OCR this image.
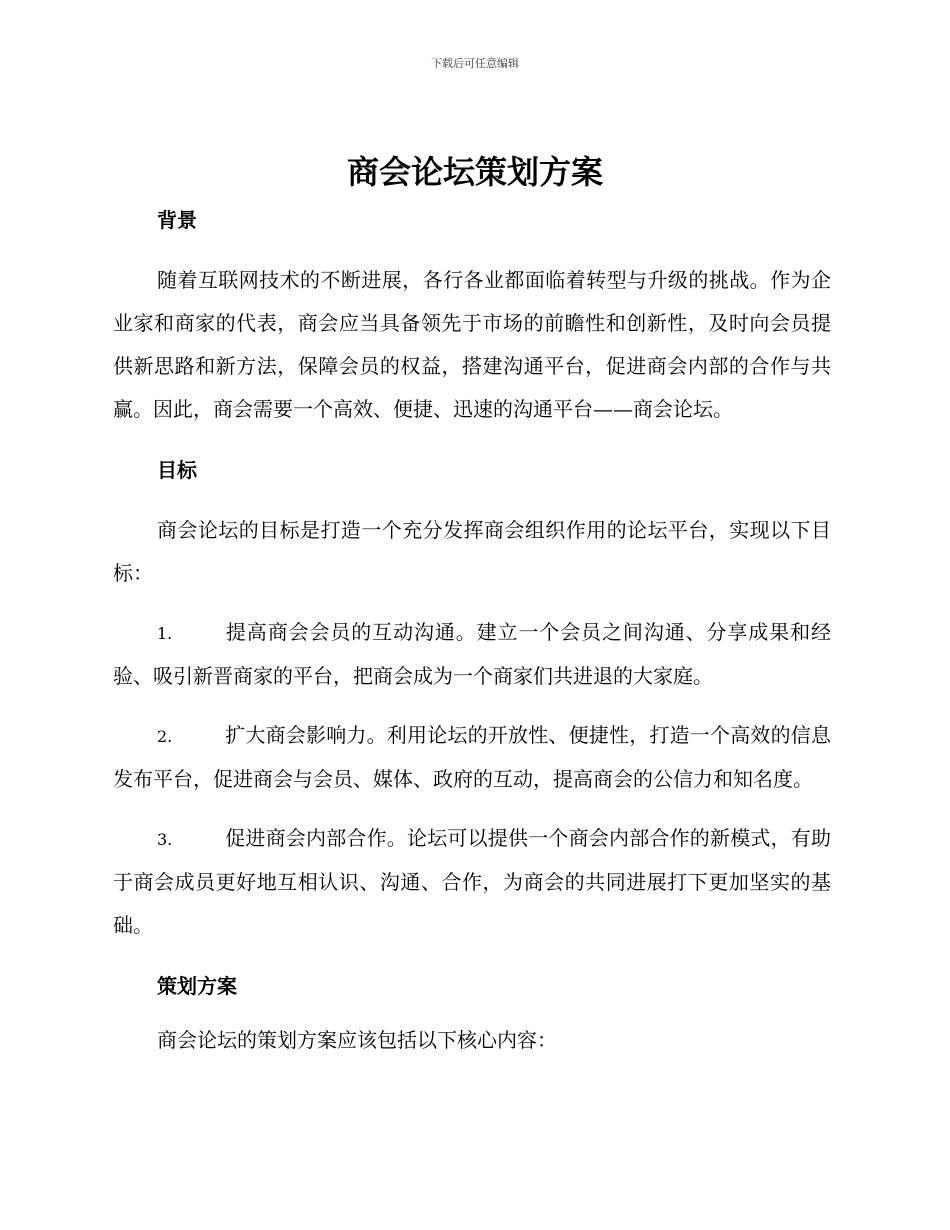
下载后可任意编辑
商会论坛策划方案
背景

随着互联网技术的不断进展，各行各业都面临着转型与升级的挑战。作为企业家和商家的代表，商会应当具备领先于市场的前瞻性和创新性，及时向会员提供新思路和新方法，保障会员的权益，搭建沟通平台，促进商会内部的合作与共赢。因此，商会需要一个高效、便捷、迅速的沟通平台——商会论坛。

目标

商会论坛的目标是打造一个充分发挥商会组织作用的论坛平台，实现以下目标：

1.	提高商会会员的互动沟通。建立一个会员之间沟通、分享成果和经验、吸引新晋商家的平台，把商会成为一个商家们共进退的大家庭。

2.	扩大商会影响力。利用论坛的开放性、便捷性，打造一个高效的信息发布平台，促进商会与会员、媒体、政府的互动，提高商会的公信力和知名度。

3.	促进商会内部合作。论坛可以提供一个商会内部合作的新模式，有助于商会成员更好地互相认识、沟通、合作，为商会的共同进展打下更加坚实的基础。

策划方案

商会论坛的策划方案应该包括以下核心内容：
